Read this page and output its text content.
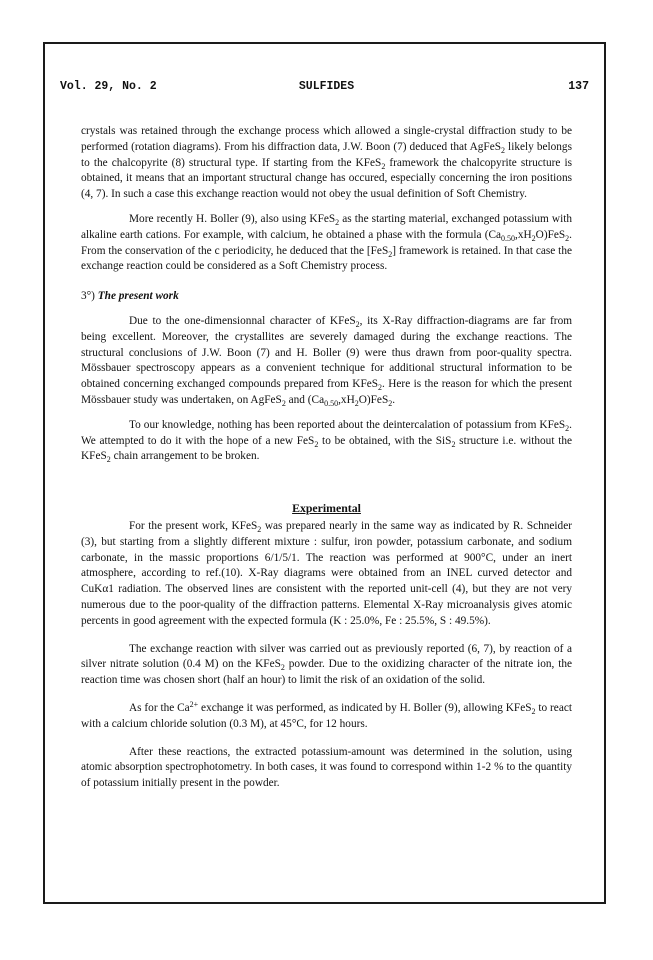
Vol. 29, No. 2	SULFIDES	137

crystals was retained through the exchange process which allowed a single-crystal diffraction study to be performed (rotation diagrams). From his diffraction data, J.W. Boon (7) deduced that AgFeS$_2$ likely belongs to the chalcopyrite (8) structural type. If starting from the KFeS$_2$ framework the chalcopyrite structure is obtained, it means that an important structural change has occured, especially concerning the iron positions (4, 7). In such a case this exchange reaction would not obey the usual definition of Soft Chemistry.

More recently H. Boller (9), also using KFeS$_2$ as the starting material, exchanged potassium with alkaline earth cations. For example, with calcium, he obtained a phase with the formula $(Ca_{0.50},xH_2O)FeS_2$. From the conservation of the c periodicity, he deduced that the [FeS$_2$] framework is retained. In that case the exchange reaction could be considered as a Soft Chemistry process.

3°) The present work

Due to the one-dimensionnal character of KFeS$_2$, its X-Ray diffraction-diagrams are far from being excellent. Moreover, the crystallites are severely damaged during the exchange reactions. The structural conclusions of J.W. Boon (7) and H. Boller (9) were thus drawn from poor-quality spectra. Mössbauer spectroscopy appears as a convenient technique for additional structural information to be obtained concerning exchanged compounds prepared from KFeS$_2$. Here is the reason for which the present Mössbauer study was undertaken, on AgFeS$_2$ and $(Ca_{0.50},xH_2O)FeS_2$.

To our knowledge, nothing has been reported about the deintercalation of potassium from KFeS$_2$. We attempted to do it with the hope of a new FeS$_2$ to be obtained, with the SiS$_2$ structure i.e. without the KFeS$_2$ chain arrangement to be broken.

Experimental

For the present work, KFeS$_2$ was prepared nearly in the same way as indicated by R. Schneider (3), but starting from a slightly different mixture : sulfur, iron powder, potassium carbonate, and sodium carbonate, in the massic proportions 6/1/5/1. The reaction was performed at 900°C, under an inert atmosphere, according to ref.(10). X-Ray diagrams were obtained from an INEL curved detector and CuKα1 radiation. The observed lines are consistent with the reported unit-cell (4), but they are not very numerous due to the poor-quality of the diffraction patterns. Elemental X-Ray microanalysis gives atomic percents in good agreement with the expected formula (K : 25.0%, Fe : 25.5%, S : 49.5%).

The exchange reaction with silver was carried out as previously reported (6, 7), by reaction of a silver nitrate solution (0.4 M) on the KFeS$_2$ powder. Due to the oxidizing character of the nitrate ion, the reaction time was chosen short (half an hour) to limit the risk of an oxidation of the solid.

As for the $Ca^{2+}$ exchange it was performed, as indicated by H. Boller (9), allowing KFeS$_2$ to react with a calcium chloride solution (0.3 M), at 45°C, for 12 hours.

After these reactions, the extracted potassium-amount was determined in the solution, using atomic absorption spectrophotometry. In both cases, it was found to correspond within 1-2 % to the quantity of potassium initially present in the powder.
